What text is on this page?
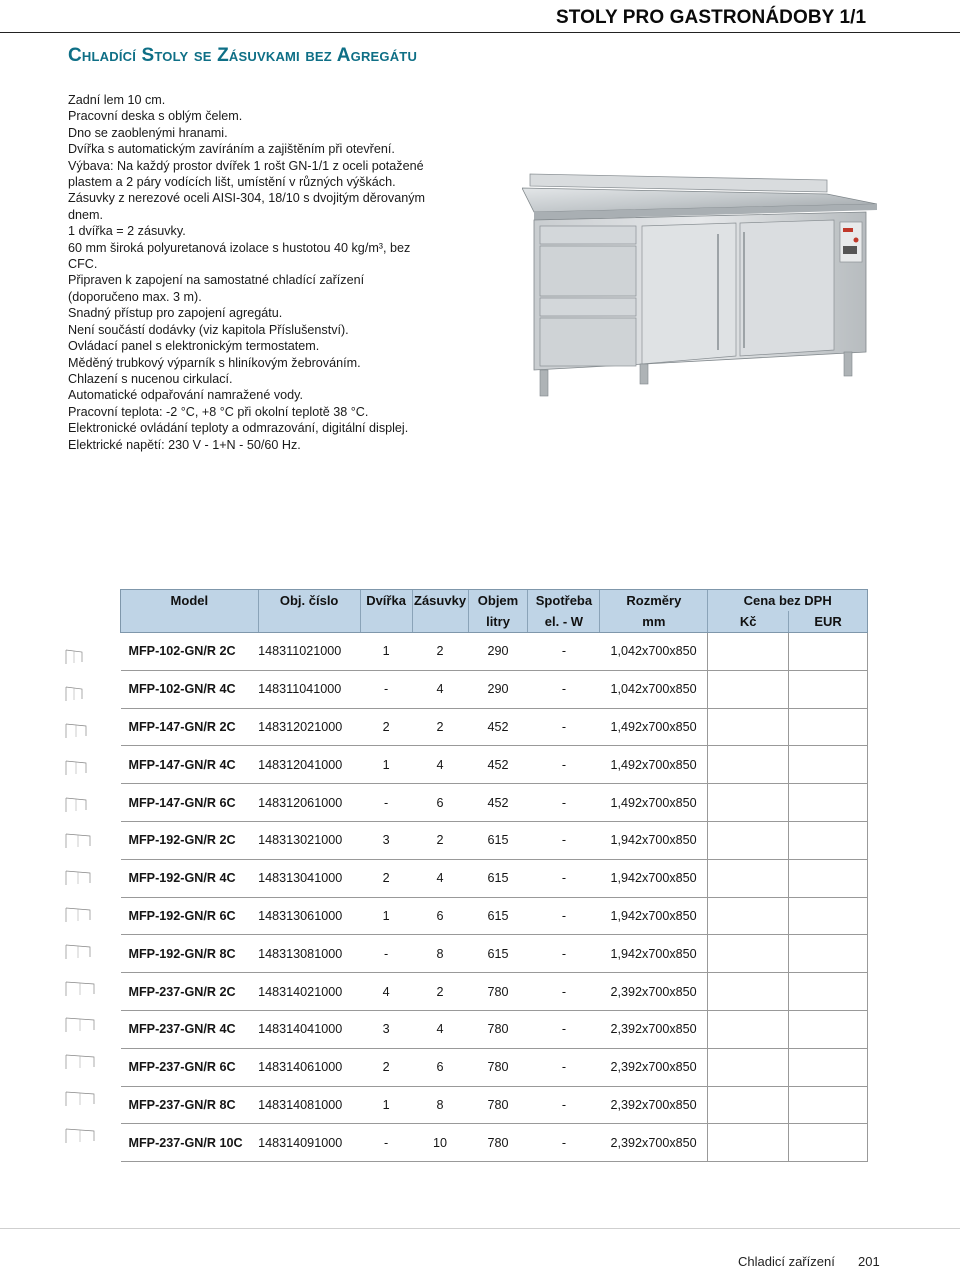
STOLY PRO GASTRONÁDOBY 1/1
Chladící Stoly se Zásuvkami bez Agregátu
Zadní lem 10 cm.
Pracovní deska s oblým čelem.
Dno se zaoblenými hranami.
Dvířka s automatickým zavíráním a zajištěním při otevření.
Výbava: Na každý prostor dvířek 1 rošt GN-1/1 z oceli potažené
plastem a 2 páry vodících lišt, umístění v různých výškách.
Zásuvky z nerezové oceli AISI-304, 18/10 s dvojitým děrovaným
dnem.
1 dvířka = 2 zásuvky.
60 mm široká polyuretanová izolace s hustotou 40 kg/m³, bez
CFC.
Připraven k zapojení na samostatné chladící zařízení
(doporučeno max. 3 m).
Snadný přístup pro zapojení agregátu.
Není součástí dodávky (viz kapitola Příslušenství).
Ovládací panel s elektronickým termostatem.
Měděný trubkový výparník s hliníkovým žebrováním.
Chlazení s nucenou cirkulací.
Automatické odpařování namražené vody.
Pracovní teplota: -2 °C, +8 °C při okolní teplotě 38 °C.
Elektronické ovládání teploty a odmrazování, digitální displej.
Elektrické napětí: 230 V - 1+N - 50/60 Hz.
Model	Obj. číslo	Dvířka	Zásuvky	Objem	Spotřeba	Rozměry	Cena bez DPH	
				litry	el. - W	mm	Kč	EUR
MFP-102-GN/R 2C	148311021000	1	2	290	-	1,042x700x850		
MFP-102-GN/R 4C	148311041000	-	4	290	-	1,042x700x850		
MFP-147-GN/R 2C	148312021000	2	2	452	-	1,492x700x850		
MFP-147-GN/R 4C	148312041000	1	4	452	-	1,492x700x850		
MFP-147-GN/R 6C	148312061000	-	6	452	-	1,492x700x850		
MFP-192-GN/R 2C	148313021000	3	2	615	-	1,942x700x850		
MFP-192-GN/R 4C	148313041000	2	4	615	-	1,942x700x850		
MFP-192-GN/R 6C	148313061000	1	6	615	-	1,942x700x850		
MFP-192-GN/R 8C	148313081000	-	8	615	-	1,942x700x850		
MFP-237-GN/R 2C	148314021000	4	2	780	-	2,392x700x850		
MFP-237-GN/R 4C	148314041000	3	4	780	-	2,392x700x850		
MFP-237-GN/R 6C	148314061000	2	6	780	-	2,392x700x850		
MFP-237-GN/R 8C	148314081000	1	8	780	-	2,392x700x850		
MFP-237-GN/R 10C	148314091000	-	10	780	-	2,392x700x850		
Chladicí zařízení 201
